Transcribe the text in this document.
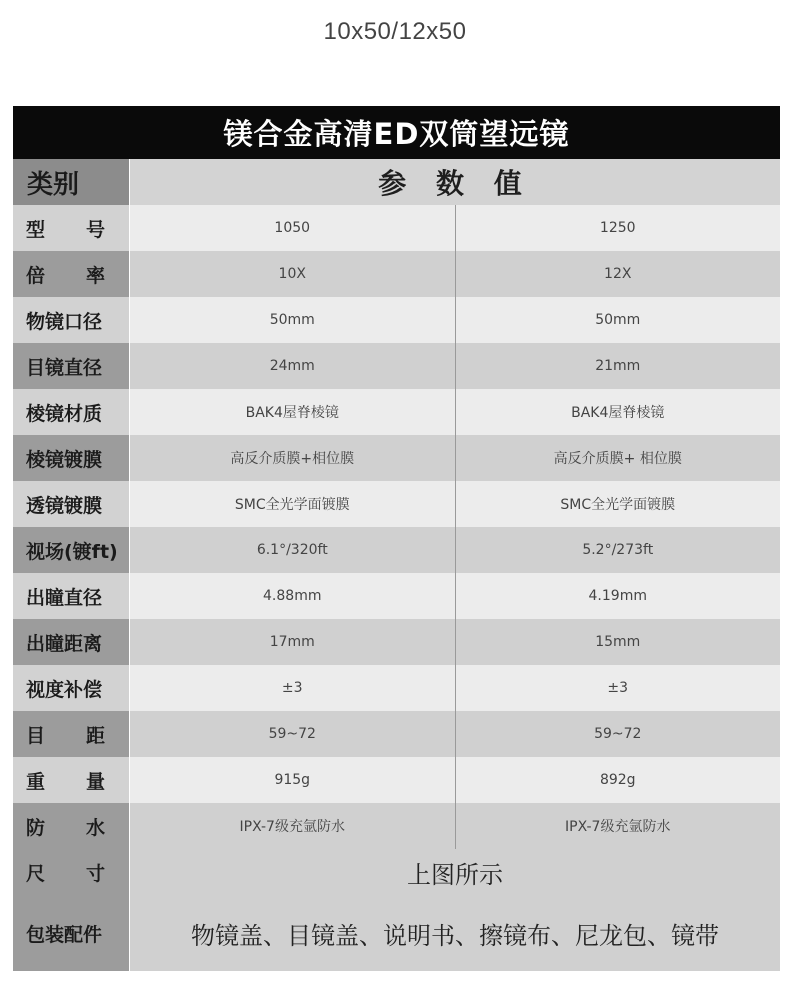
10x50/12x50
镁合金高清ED双筒望远镜
类别	参 数 值
型 号	1050	1250
倍 率	10X	12X
物镜口径	50mm	50mm
目镜直径	24mm	21mm
棱镜材质	BAK4屋脊棱镜	BAK4屋脊棱镜
棱镜镀膜	高反介质膜+相位膜	高反介质膜+ 相位膜
透镜镀膜	SMC全光学面镀膜	SMC全光学面镀膜
视场(镀ft)	6.1°/320ft	5.2°/273ft
出瞳直径	4.88mm	4.19mm
出瞳距离	17mm	15mm
视度补偿	±3	±3
目 距	59~72	59~72
重 量	915g	892g
防 水	IPX-7级充氩防水	IPX-7级充氩防水
尺 寸	上图所示
包装配件	物镜盖、目镜盖、说明书、擦镜布、尼龙包、镜带
